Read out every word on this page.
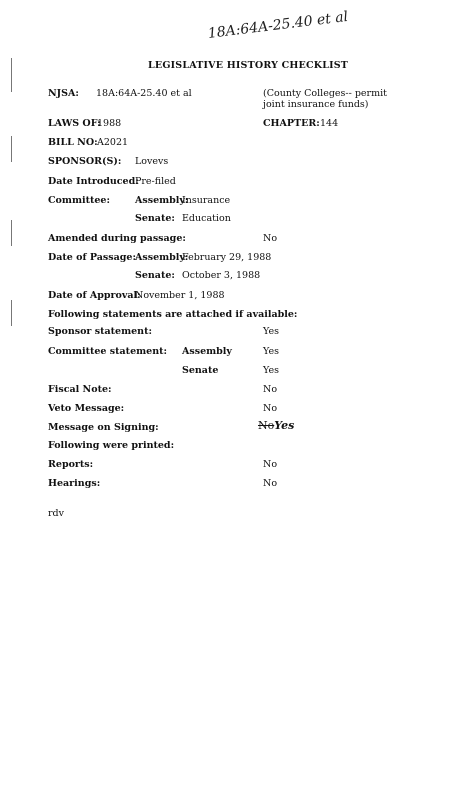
18A:64A-25.40 et al
LEGISLATIVE HISTORY CHECKLIST
NJSA: 18A:64A-25.40 et al	(County Colleges-- permit joint insurance funds)
LAWS OF:
1988	CHAPTER: 144
BILL NO: A2021
SPONSOR(S): Lovevs
Date Introduced:
Pre-filed
Committee:	Assembly:
Insurance
Senate: Education
Amended during passage:	No
Date of Passage: Assembly:
February 29, 1988
Senate: October 3, 1988
Date of Approval:
November 1, 1988
Following statements are attached if available:
Sponsor statement:	Yes
Committee statement: Assembly	Yes
Senate	Yes
Fiscal Note:	No
Veto Message:	No
Message on Signing:	NoYes
Following were printed:
Reports:	No
Hearings:	No
rdv
